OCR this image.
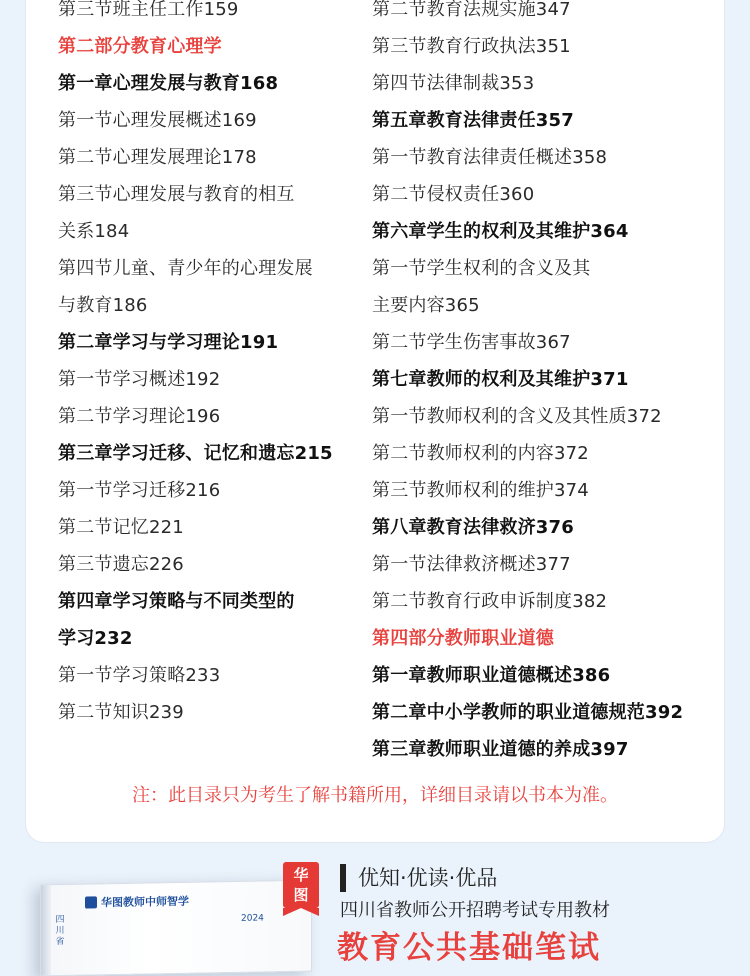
第三节班主任工作159
第二部分教育心理学
第一章心理发展与教育168
第一节心理发展概述169
第二节心理发展理论178
第三节心理发展与教育的相互
关系184
第四节儿童、青少年的心理发展
与教育186
第二章学习与学习理论191
第一节学习概述192
第二节学习理论196
第三章学习迁移、记忆和遗忘215
第一节学习迁移216
第二节记忆221
第三节遗忘226
第四章学习策略与不同类型的
学习232
第一节学习策略233
第二节知识239
第二节教育法规实施347
第三节教育行政执法351
第四节法律制裁353
第五章教育法律责任357
第一节教育法律责任概述358
第二节侵权责任360
第六章学生的权利及其维护364
第一节学生权利的含义及其
主要内容365
第二节学生伤害事故367
第七章教师的权利及其维护371
第一节教师权利的含义及其性质372
第二节教师权利的内容372
第三节教师权利的维护374
第八章教育法律救济376
第一节法律救济概述377
第二节教育行政申诉制度382
第四部分教师职业道德
第一章教师职业道德概述386
第二章中小学教师的职业道德规范392
第三章教师职业道德的养成397
注：此目录只为考生了解书籍所用，详细目录请以书本为准。
华图教师 中师智学
2024
四
川
省
华
图
优知·优读·优品
四川省教师公开招聘考试专用教材
教育公共基础笔试
